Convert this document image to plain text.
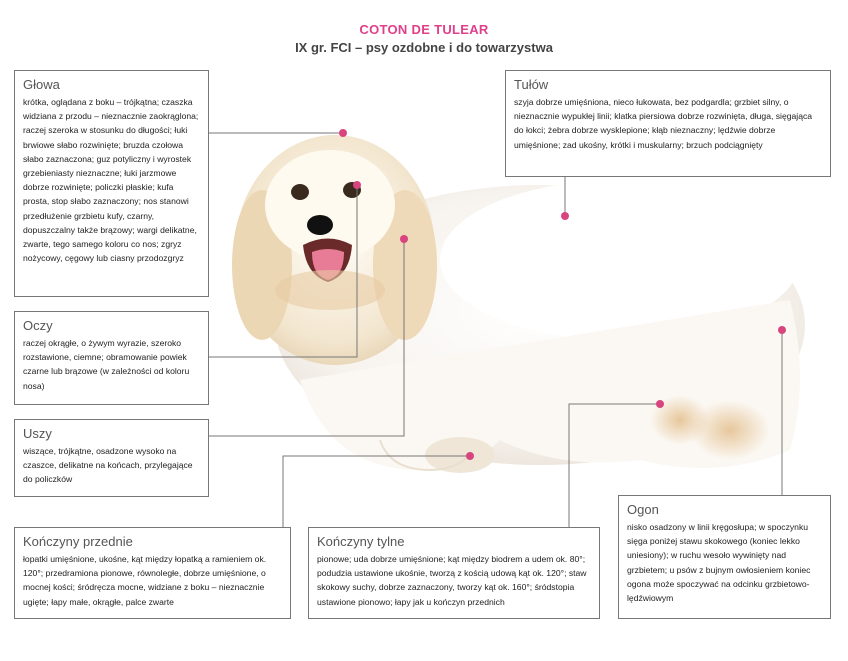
COTON DE TULEAR
IX gr. FCI – psy ozdobne i do towarzystwa
Głowa

krótka, oglądana z boku – trójkątna; czaszka widziana z przodu – nieznacznie zaokrąglona; raczej szeroka w stosunku do długości; łuki brwiowe słabo rozwinięte; bruzda czołowa słabo zaznaczona; guz potyliczny i wyrostek grzebieniasty nieznaczne; łuki jarzmowe dobrze rozwinięte; policzki płaskie; kufa prosta, stop słabo zaznaczony; nos stanowi przedłużenie grzbietu kufy, czarny, dopuszczalny także brązowy; wargi delikatne, zwarte, tego samego koloru co nos; zgryz nożycowy, cęgowy lub ciasny przodozgryz

Oczy

raczej okrągłe, o żywym wyrazie, szeroko rozstawione, ciemne; obramowanie powiek czarne lub brązowe (w zależności od koloru nosa)

Uszy

wiszące, trójkątne, osadzone wysoko na czaszce, delikatne na końcach, przylegające do policzków

Kończyny przednie

łopatki umięśnione, ukośne, kąt między łopatką a ramieniem ok. 120°; przedramiona pionowe, równoległe, dobrze umięśnione, o mocnej kości; śródręcza mocne, widziane z boku – nieznacznie ugięte; łapy małe, okrągłe, palce zwarte

Kończyny tylne

pionowe; uda dobrze umięśnione; kąt między biodrem a udem ok. 80°; podudzia ustawione ukośnie, tworzą z kością udową kąt ok. 120°; staw skokowy suchy, dobrze zaznaczony, tworzy kąt ok. 160°; śródstopia ustawione pionowo; łapy jak u kończyn przednich

Tułów

szyja dobrze umięśniona, nieco łukowata, bez podgardla; grzbiet silny, o nieznacznie wypukłej linii; klatka piersiowa dobrze rozwinięta, długa, sięgająca do łokci; żebra dobrze wysklepione; kłąb nieznaczny; lędźwie dobrze umięśnione; zad ukośny, krótki i muskularny; brzuch podciągnięty

Ogon

nisko osadzony w linii kręgosłupa; w spoczynku sięga poniżej stawu skokowego (koniec lekko uniesiony); w ruchu wesoło wywinięty nad grzbietem; u psów z bujnym owłosieniem koniec ogona może spoczywać na odcinku grzbietowo-lędźwiowym
